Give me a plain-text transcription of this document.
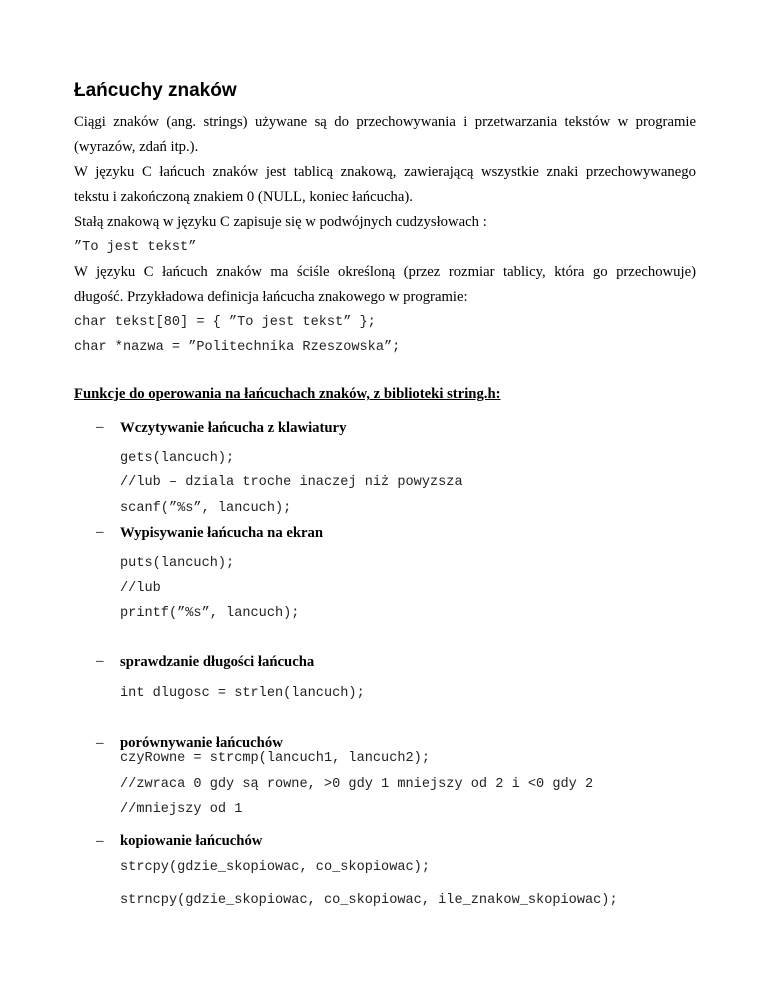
Łańcuchy znaków
Ciągi znaków (ang. strings) używane są do przechowywania i przetwarzania tekstów w programie
(wyrazów, zdań itp.).
W języku C łańcuch znaków jest tablicą znakową, zawierającą wszystkie znaki przechowywanego
tekstu i zakończoną znakiem 0 (NULL, koniec łańcucha).
Stałą znakową w języku C zapisuje się w podwójnych cudzysłowach :
”To jest tekst”
W języku C łańcuch znaków ma ściśle określoną (przez rozmiar tablicy, która go przechowuje)
długość. Przykładowa definicja łańcucha znakowego w programie:
char tekst[80] = { ”To jest tekst” };
char *nazwa = ”Politechnika Rzeszowska”;
Funkcje do operowania na łańcuchach znaków, z biblioteki string.h:
– Wczytywanie łańcucha z klawiatury
gets(lancuch);
//lub – dziala troche inaczej niż powyzsza
scanf(”%s”, lancuch);
– Wypisywanie łańcucha na ekran
puts(lancuch);
//lub
printf(”%s”, lancuch);
– sprawdzanie długości łańcucha
int dlugosc = strlen(lancuch);
– porównywanie łańcuchów
czyRowne = strcmp(lancuch1, lancuch2);
//zwraca 0 gdy są rowne, >0 gdy 1 mniejszy od 2 i <0 gdy 2
//mniejszy od 1
– kopiowanie łańcuchów
strcpy(gdzie_skopiowac, co_skopiowac);
strncpy(gdzie_skopiowac, co_skopiowac, ile_znakow_skopiowac);
